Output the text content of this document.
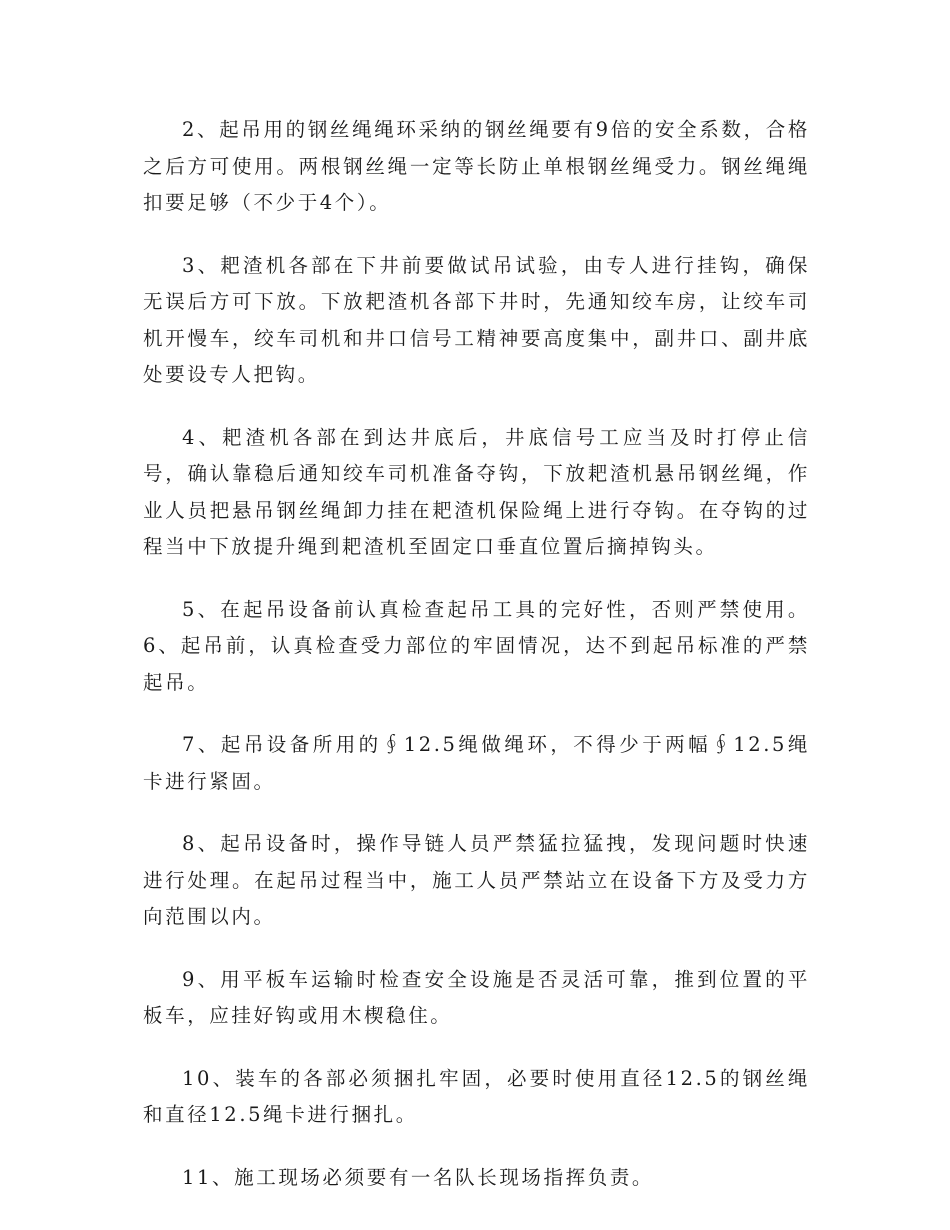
2、起吊用的钢丝绳绳环采纳的钢丝绳要有9倍的安全系数，合格之后方可使用。两根钢丝绳一定等长防止单根钢丝绳受力。钢丝绳绳扣要足够（不少于4个）。

3、耙渣机各部在下井前要做试吊试验，由专人进行挂钩，确保无误后方可下放。下放耙渣机各部下井时，先通知绞车房，让绞车司机开慢车，绞车司机和井口信号工精神要高度集中，副井口、副井底处要设专人把钩。

4、耙渣机各部在到达井底后，井底信号工应当及时打停止信号，确认靠稳后通知绞车司机准备夺钩，下放耙渣机悬吊钢丝绳，作业人员把悬吊钢丝绳卸力挂在耙渣机保险绳上进行夺钩。在夺钩的过程当中下放提升绳到耙渣机至固定口垂直位置后摘掉钩头。

5、在起吊设备前认真检查起吊工具的完好性，否则严禁使用。6、起吊前，认真检查受力部位的牢固情况，达不到起吊标准的严禁起吊。

7、起吊设备所用的∮12.5绳做绳环，不得少于两幅∮12.5绳卡进行紧固。

8、起吊设备时，操作导链人员严禁猛拉猛拽，发现问题时快速进行处理。在起吊过程当中，施工人员严禁站立在设备下方及受力方向范围以内。

9、用平板车运输时检查安全设施是否灵活可靠，推到位置的平板车，应挂好钩或用木楔稳住。

10、装车的各部必须捆扎牢固，必要时使用直径12.5的钢丝绳和直径12.5绳卡进行捆扎。

11、施工现场必须要有一名队长现场指挥负责。
